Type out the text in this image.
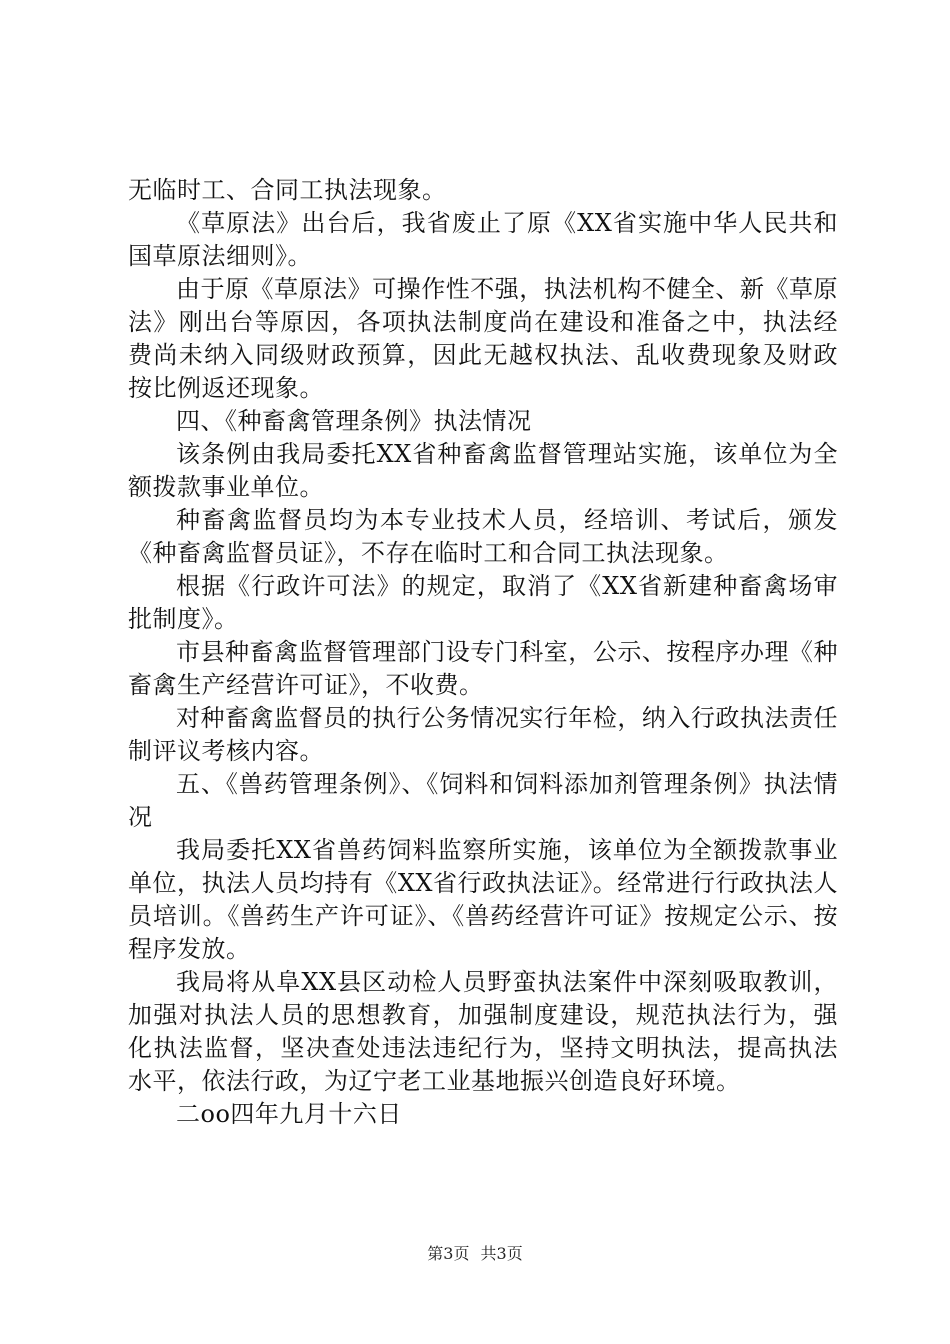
无临时工、合同工执法现象。

《草原法》出台后，我省废止了原《XX省实施中华人民共和国草原法细则》。

由于原《草原法》可操作性不强，执法机构不健全、新《草原法》刚出台等原因，各项执法制度尚在建设和准备之中，执法经费尚未纳入同级财政预算，因此无越权执法、乱收费现象及财政按比例返还现象。

四、《种畜禽管理条例》执法情况

该条例由我局委托XX省种畜禽监督管理站实施，该单位为全额拨款事业单位。

种畜禽监督员均为本专业技术人员，经培训、考试后，颁发《种畜禽监督员证》，不存在临时工和合同工执法现象。

根据《行政许可法》的规定，取消了《XX省新建种畜禽场审批制度》。

市县种畜禽监督管理部门设专门科室，公示、按程序办理《种畜禽生产经营许可证》，不收费。

对种畜禽监督员的执行公务情况实行年检，纳入行政执法责任制评议考核内容。

五、《兽药管理条例》、《饲料和饲料添加剂管理条例》执法情况

我局委托XX省兽药饲料监察所实施，该单位为全额拨款事业单位，执法人员均持有《XX省行政执法证》。经常进行行政执法人员培训。《兽药生产许可证》、《兽药经营许可证》按规定公示、按程序发放。

我局将从阜XX县区动检人员野蛮执法案件中深刻吸取教训，加强对执法人员的思想教育，加强制度建设，规范执法行为，强化执法监督，坚决查处违法违纪行为，坚持文明执法，提高执法水平，依法行政，为辽宁老工业基地振兴创造良好环境。

二oo四年九月十六日

第3页 共3页
